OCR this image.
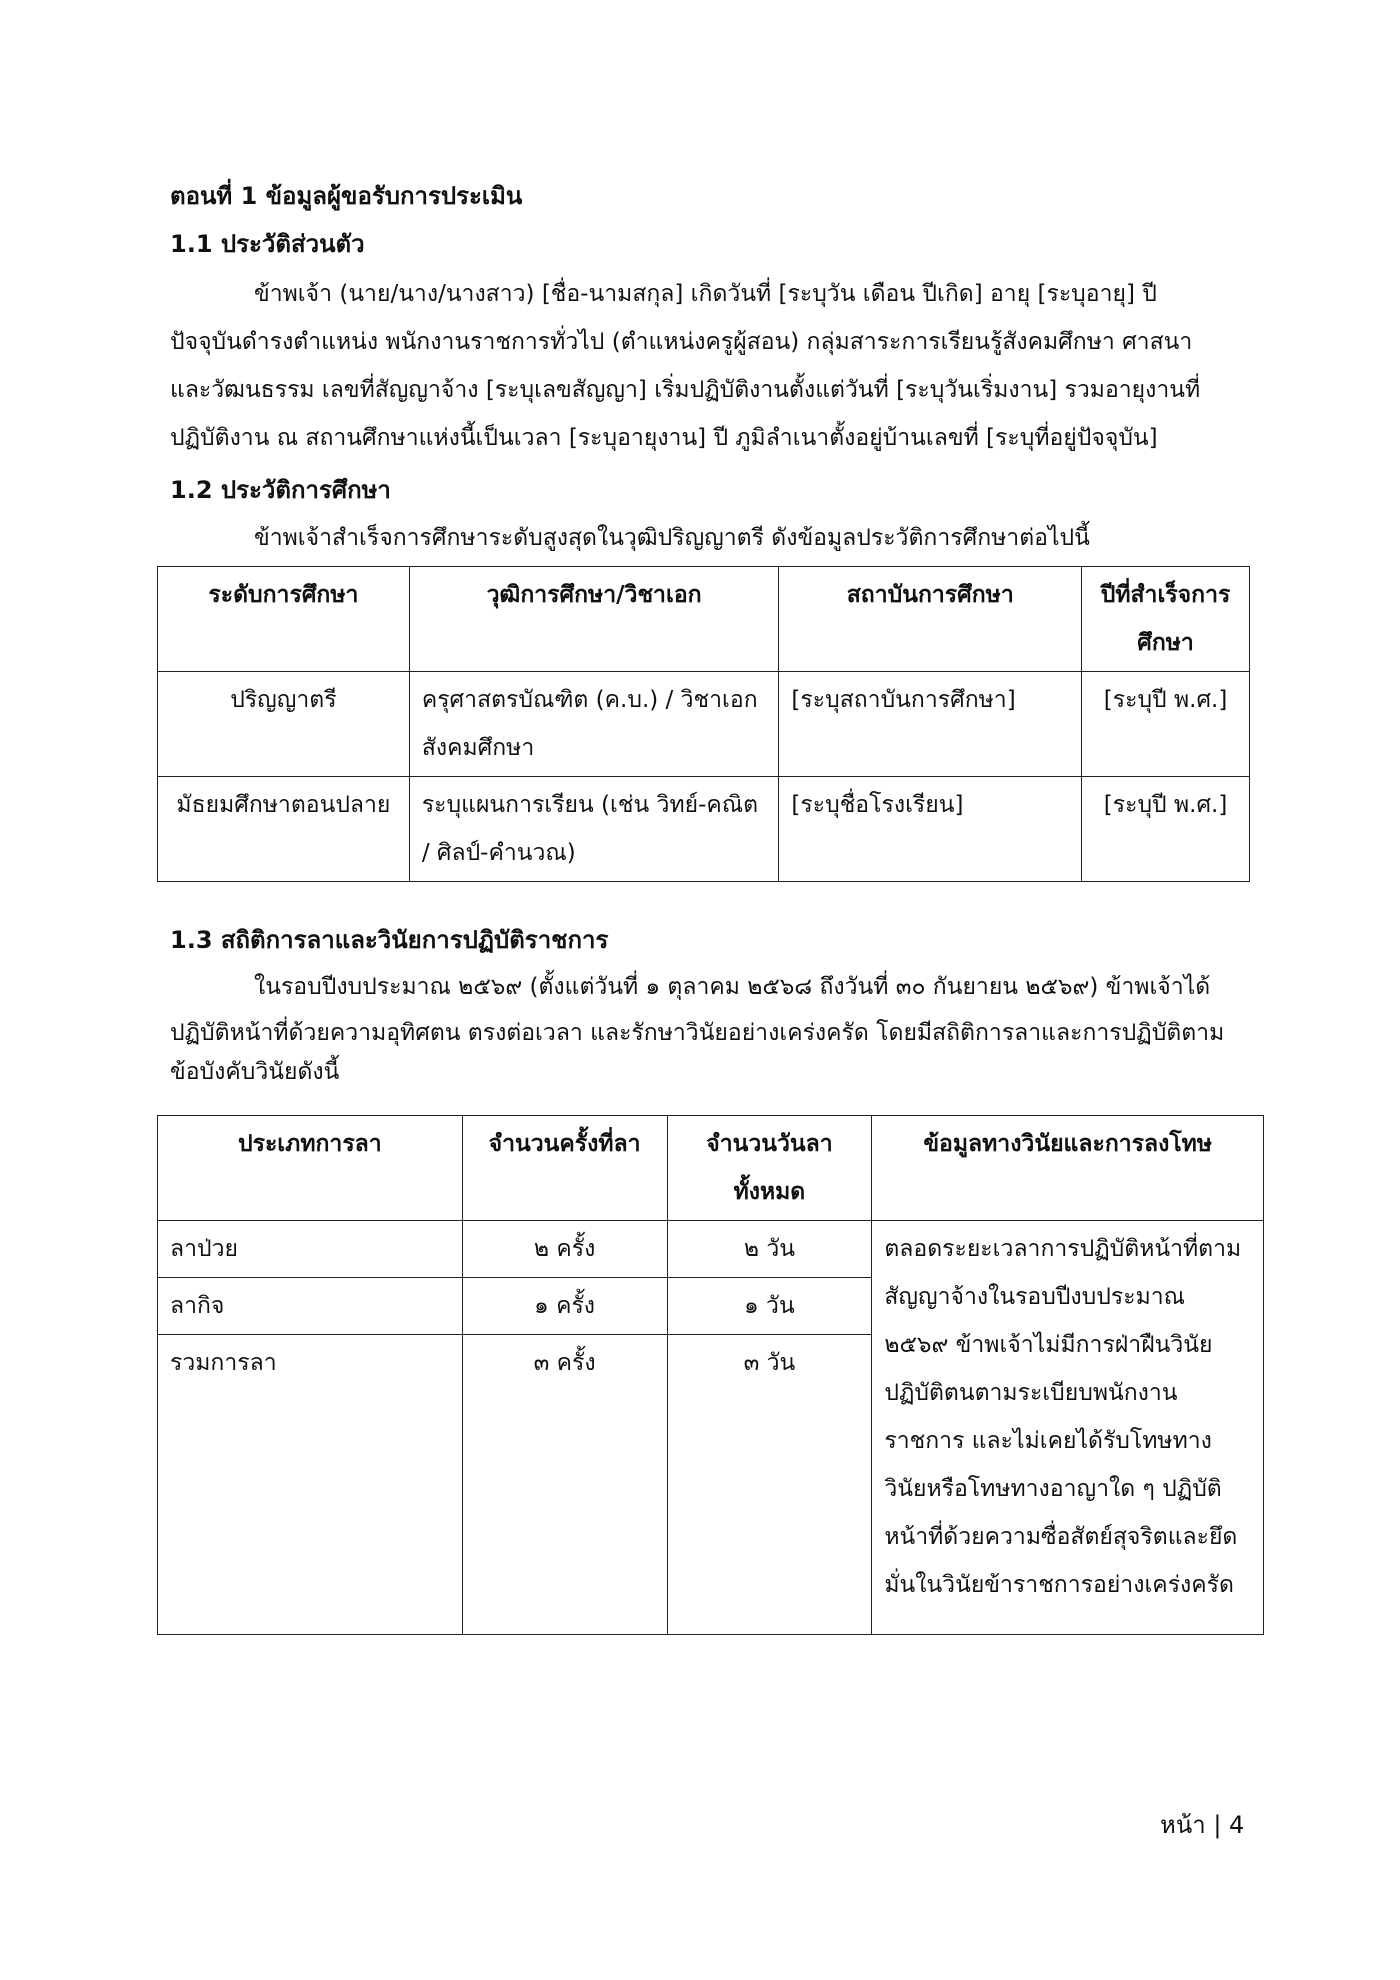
ตอนที่ 1 ข้อมูลผู้ขอรับการประเมิน
1.1 ประวัติส่วนตัว

ข้าพเจ้า (นาย/นาง/นางสาว) [ชื่อ-นามสกุล] เกิดวันที่ [ระบุวัน เดือน ปีเกิด] อายุ [ระบุอายุ] ปี

ปัจจุบันดำรงตำแหน่ง พนักงานราชการทั่วไป (ตำแหน่งครูผู้สอน) กลุ่มสาระการเรียนรู้สังคมศึกษา ศาสนา

และวัฒนธรรม เลขที่สัญญาจ้าง [ระบุเลขสัญญา] เริ่มปฏิบัติงานตั้งแต่วันที่ [ระบุวันเริ่มงาน] รวมอายุงานที่

ปฏิบัติงาน ณ สถานศึกษาแห่งนี้เป็นเวลา [ระบุอายุงาน] ปี ภูมิลำเนาตั้งอยู่บ้านเลขที่ [ระบุที่อยู่ปัจจุบัน]

1.2 ประวัติการศึกษา
ข้าพเจ้าสำเร็จการศึกษาระดับสูงสุดในวุฒิปริญญาตรี ดังข้อมูลประวัติการศึกษาต่อไปนี้
ระดับการศึกษา	วุฒิการศึกษา/วิชาเอก	สถาบันการศึกษา	ปีที่สำเร็จการศึกษา
ปริญญาตรี	ครุศาสตรบัณฑิต (ค.บ.) / วิชาเอกสังคมศึกษา	[ระบุสถาบันการศึกษา]	[ระบุปี พ.ศ.]
มัธยมศึกษาตอนปลาย	ระบุแผนการเรียน (เช่น วิทย์-คณิต / ศิลป์-คำนวณ)	[ระบุชื่อโรงเรียน]	[ระบุปี พ.ศ.]
1.3 สถิติการลาและวินัยการปฏิบัติราชการ

ในรอบปีงบประมาณ ๒๕๖๙ (ตั้งแต่วันที่ ๑ ตุลาคม ๒๕๖๘ ถึงวันที่ ๓๐ กันยายน ๒๕๖๙) ข้าพเจ้าได้

ปฏิบัติหน้าที่ด้วยความอุทิศตน ตรงต่อเวลา และรักษาวินัยอย่างเคร่งครัด โดยมีสถิติการลาและการปฏิบัติตาม

ข้อบังคับวินัยดังนี้

ประเภทการลา	จำนวนครั้งที่ลา	จำนวนวันลาทั้งหมด	ข้อมูลทางวินัยและการลงโทษ
ลาป่วย	๒ ครั้ง	๒ วัน	ตลอดระยะเวลาการปฏิบัติหน้าที่ตามสัญญาจ้างในรอบปีงบประมาณ ๒๕๖๙ ข้าพเจ้าไม่มีการฝ่าฝืนวินัย ปฏิบัติตนตามระเบียบพนักงานราชการ และไม่เคยได้รับโทษทางวินัยหรือโทษทางอาญาใด ๆ ปฏิบัติหน้าที่ด้วยความซื่อสัตย์สุจริตและยึดมั่นในวินัยข้าราชการอย่างเคร่งครัด
ลากิจ	๑ ครั้ง	๑ วัน	
รวมการลา	๓ ครั้ง	๓ วัน	
หน้า | 4
